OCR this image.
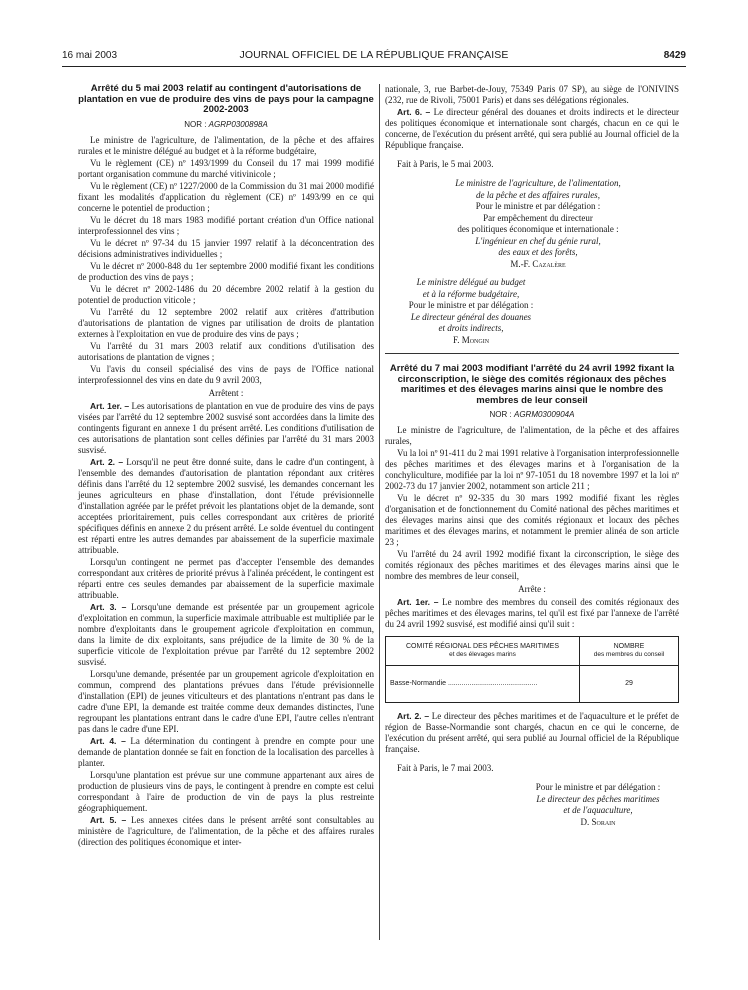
16 mai 2003	JOURNAL OFFICIEL DE LA RÉPUBLIQUE FRANÇAISE	8429
Arrêté du 5 mai 2003 relatif au contingent d'autorisations de plantation en vue de produire des vins de pays pour la campagne 2002-2003
NOR : AGRP0300898A

Le ministre de l'agriculture, de l'alimentation, de la pêche et des affaires rurales et le ministre délégué au budget et à la réforme budgétaire,

Vu le règlement (CE) nº 1493/1999 du Conseil du 17 mai 1999 modifié portant organisation commune du marché vitivinicole ;

Vu le règlement (CE) nº 1227/2000 de la Commission du 31 mai 2000 modifié fixant les modalités d'application du règlement (CE) nº 1493/99 en ce qui concerne le potentiel de production ;

Vu le décret du 18 mars 1983 modifié portant création d'un Office national interprofessionnel des vins ;

Vu le décret nº 97-34 du 15 janvier 1997 relatif à la déconcentration des décisions administratives individuelles ;

Vu le décret nº 2000-848 du 1er septembre 2000 modifié fixant les conditions de production des vins de pays ;

Vu le décret nº 2002-1486 du 20 décembre 2002 relatif à la gestion du potentiel de production viticole ;

Vu l'arrêté du 12 septembre 2002 relatif aux critères d'attribution d'autorisations de plantation de vignes par utilisation de droits de plantation externes à l'exploitation en vue de produire des vins de pays ;

Vu l'arrêté du 31 mars 2003 relatif aux conditions d'utilisation des autorisations de plantation de vignes ;

Vu l'avis du conseil spécialisé des vins de pays de l'Office national interprofessionnel des vins en date du 9 avril 2003,

Arrêtent :

Art. 1er. – Les autorisations de plantation en vue de produire des vins de pays visées par l'arrêté du 12 septembre 2002 susvisé sont accordées dans la limite des contingents figurant en annexe 1 du présent arrêté. Les conditions d'utilisation de ces autorisations de plantation sont celles définies par l'arrêté du 31 mars 2003 susvisé.

Art. 2. – Lorsqu'il ne peut être donné suite, dans le cadre d'un contingent, à l'ensemble des demandes d'autorisation de plantation répondant aux critères définis dans l'arrêté du 12 septembre 2002 susvisé, les demandes concernant les jeunes agriculteurs en phase d'installation, dont l'étude prévisionnelle d'installation agréée par le préfet prévoit les plantations objet de la demande, sont acceptées prioritairement, puis celles correspondant aux critères de priorité spécifiques définis en annexe 2 du présent arrêté. Le solde éventuel du contingent est réparti entre les autres demandes par abaissement de la superficie maximale attribuable.

Lorsqu'un contingent ne permet pas d'accepter l'ensemble des demandes correspondant aux critères de priorité prévus à l'alinéa précédent, le contingent est réparti entre ces seules demandes par abaissement de la superficie maximale attribuable.

Art. 3. – Lorsqu'une demande est présentée par un groupement agricole d'exploitation en commun, la superficie maximale attribuable est multipliée par le nombre d'exploitants dans le groupement agricole d'exploitation en commun, dans la limite de dix exploitants, sans préjudice de la limite de 30 % de la superficie viticole de l'exploitation prévue par l'arrêté du 12 septembre 2002 susvisé.

Lorsqu'une demande, présentée par un groupement agricole d'exploitation en commun, comprend des plantations prévues dans l'étude prévisionnelle d'installation (EPI) de jeunes viticulteurs et des plantations n'entrant pas dans le cadre d'une EPI, la demande est traitée comme deux demandes distinctes, l'une regroupant les plantations entrant dans le cadre d'une EPI, l'autre celles n'entrant pas dans le cadre d'une EPI.

Art. 4. – La détermination du contingent à prendre en compte pour une demande de plantation donnée se fait en fonction de la localisation des parcelles à planter.

Lorsqu'une plantation est prévue sur une commune appartenant aux aires de production de plusieurs vins de pays, le contingent à prendre en compte est celui correspondant à l'aire de production de vin de pays la plus restreinte géographiquement.

Art. 5. – Les annexes citées dans le présent arrêté sont consultables au ministère de l'agriculture, de l'alimentation, de la pêche et des affaires rurales (direction des politiques économique et inter-

nationale, 3, rue Barbet-de-Jouy, 75349 Paris 07 SP), au siège de l'ONIVINS (232, rue de Rivoli, 75001 Paris) et dans ses délégations régionales.

Art. 6. – Le directeur général des douanes et droits indirects et le directeur des politiques économique et internationale sont chargés, chacun en ce qui le concerne, de l'exécution du présent arrêté, qui sera publié au Journal officiel de la République française.

Fait à Paris, le 5 mai 2003.

Le ministre de l'agriculture, de l'alimentation,

de la pêche et des affaires rurales,

Pour le ministre et par délégation :

Par empêchement du directeur

des politiques économique et internationale :

L'ingénieur en chef du génie rural,

des eaux et des forêts,

M.-F. Cazalère

Le ministre délégué au budget

et à la réforme budgétaire,

Pour le ministre et par délégation :

Le directeur général des douanes

et droits indirects,

F. Mongin

Arrêté du 7 mai 2003 modifiant l'arrêté du 24 avril 1992 fixant la circonscription, le siège des comités régionaux des pêches maritimes et des élevages marins ainsi que le nombre des membres de leur conseil
NOR : AGRM0300904A

Le ministre de l'agriculture, de l'alimentation, de la pêche et des affaires rurales,

Vu la loi nº 91-411 du 2 mai 1991 relative à l'organisation interprofessionnelle des pêches maritimes et des élevages marins et à l'organisation de la conchyliculture, modifiée par la loi nº 97-1051 du 18 novembre 1997 et la loi nº 2002-73 du 17 janvier 2002, notamment son article 211 ;

Vu le décret nº 92-335 du 30 mars 1992 modifié fixant les règles d'organisation et de fonctionnement du Comité national des pêches maritimes et des élevages marins ainsi que des comités régionaux et locaux des pêches maritimes et des élevages marins, et notamment le premier alinéa de son article 23 ;

Vu l'arrêté du 24 avril 1992 modifié fixant la circonscription, le siège des comités régionaux des pêches maritimes et des élevages marins ainsi que le nombre des membres de leur conseil,

Arrête :

Art. 1er. – Le nombre des membres du conseil des comités régionaux des pêches maritimes et des élevages marins, tel qu'il est fixé par l'annexe de l'arrêté du 24 avril 1992 susvisé, est modifié ainsi qu'il suit :

COMITÉ RÉGIONAL DES PÊCHES MARITIMES
et des élevages marins	NOMBRE
des membres du conseil

Basse-Normandie ..............................................	29

Art. 2. – Le directeur des pêches maritimes et de l'aquaculture et le préfet de région de Basse-Normandie sont chargés, chacun en ce qui le concerne, de l'exécution du présent arrêté, qui sera publié au Journal officiel de la République française.

Fait à Paris, le 7 mai 2003.

Pour le ministre et par délégation :

Le directeur des pêches maritimes

et de l'aquaculture,

D. Sorain
